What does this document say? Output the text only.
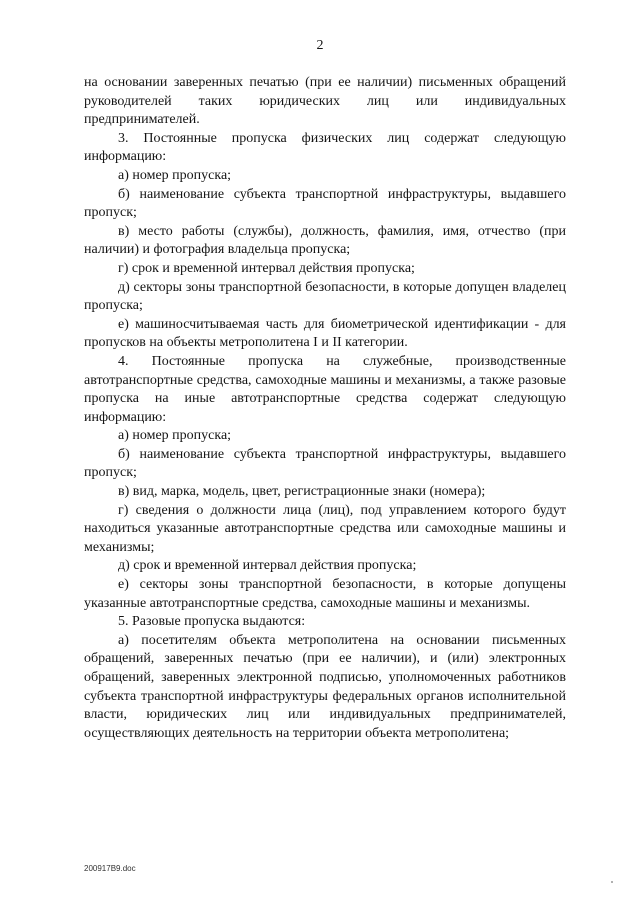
2

на основании заверенных печатью (при ее наличии) письменных обращений руководителей таких юридических лиц или индивидуальных предпринимателей.

3. Постоянные пропуска физических лиц содержат следующую информацию:

а) номер пропуска;

б) наименование субъекта транспортной инфраструктуры, выдавшего пропуск;

в) место работы (службы), должность, фамилия, имя, отчество (при наличии) и фотография владельца пропуска;

г) срок и временной интервал действия пропуска;

д) секторы зоны транспортной безопасности, в которые допущен владелец пропуска;

е) машиносчитываемая часть для биометрической идентификации - для пропусков на объекты метрополитена I и II категории.

4. Постоянные пропуска на служебные, производственные автотранспортные средства, самоходные машины и механизмы, а также разовые пропуска на иные автотранспортные средства содержат следующую информацию:

а) номер пропуска;

б) наименование субъекта транспортной инфраструктуры, выдавшего пропуск;

в) вид, марка, модель, цвет, регистрационные знаки (номера);

г) сведения о должности лица (лиц), под управлением которого будут находиться указанные автотранспортные средства или самоходные машины и механизмы;

д) срок и временной интервал действия пропуска;

е) секторы зоны транспортной безопасности, в которые допущены указанные автотранспортные средства, самоходные машины и механизмы.

5. Разовые пропуска выдаются:

а) посетителям объекта метрополитена на основании письменных обращений, заверенных печатью (при ее наличии), и (или) электронных обращений, заверенных электронной подписью, уполномоченных работников субъекта транспортной инфраструктуры федеральных органов исполнительной власти, юридических лиц или индивидуальных предпринимателей, осуществляющих деятельность на территории объекта метрополитена;

200917B9.doc
